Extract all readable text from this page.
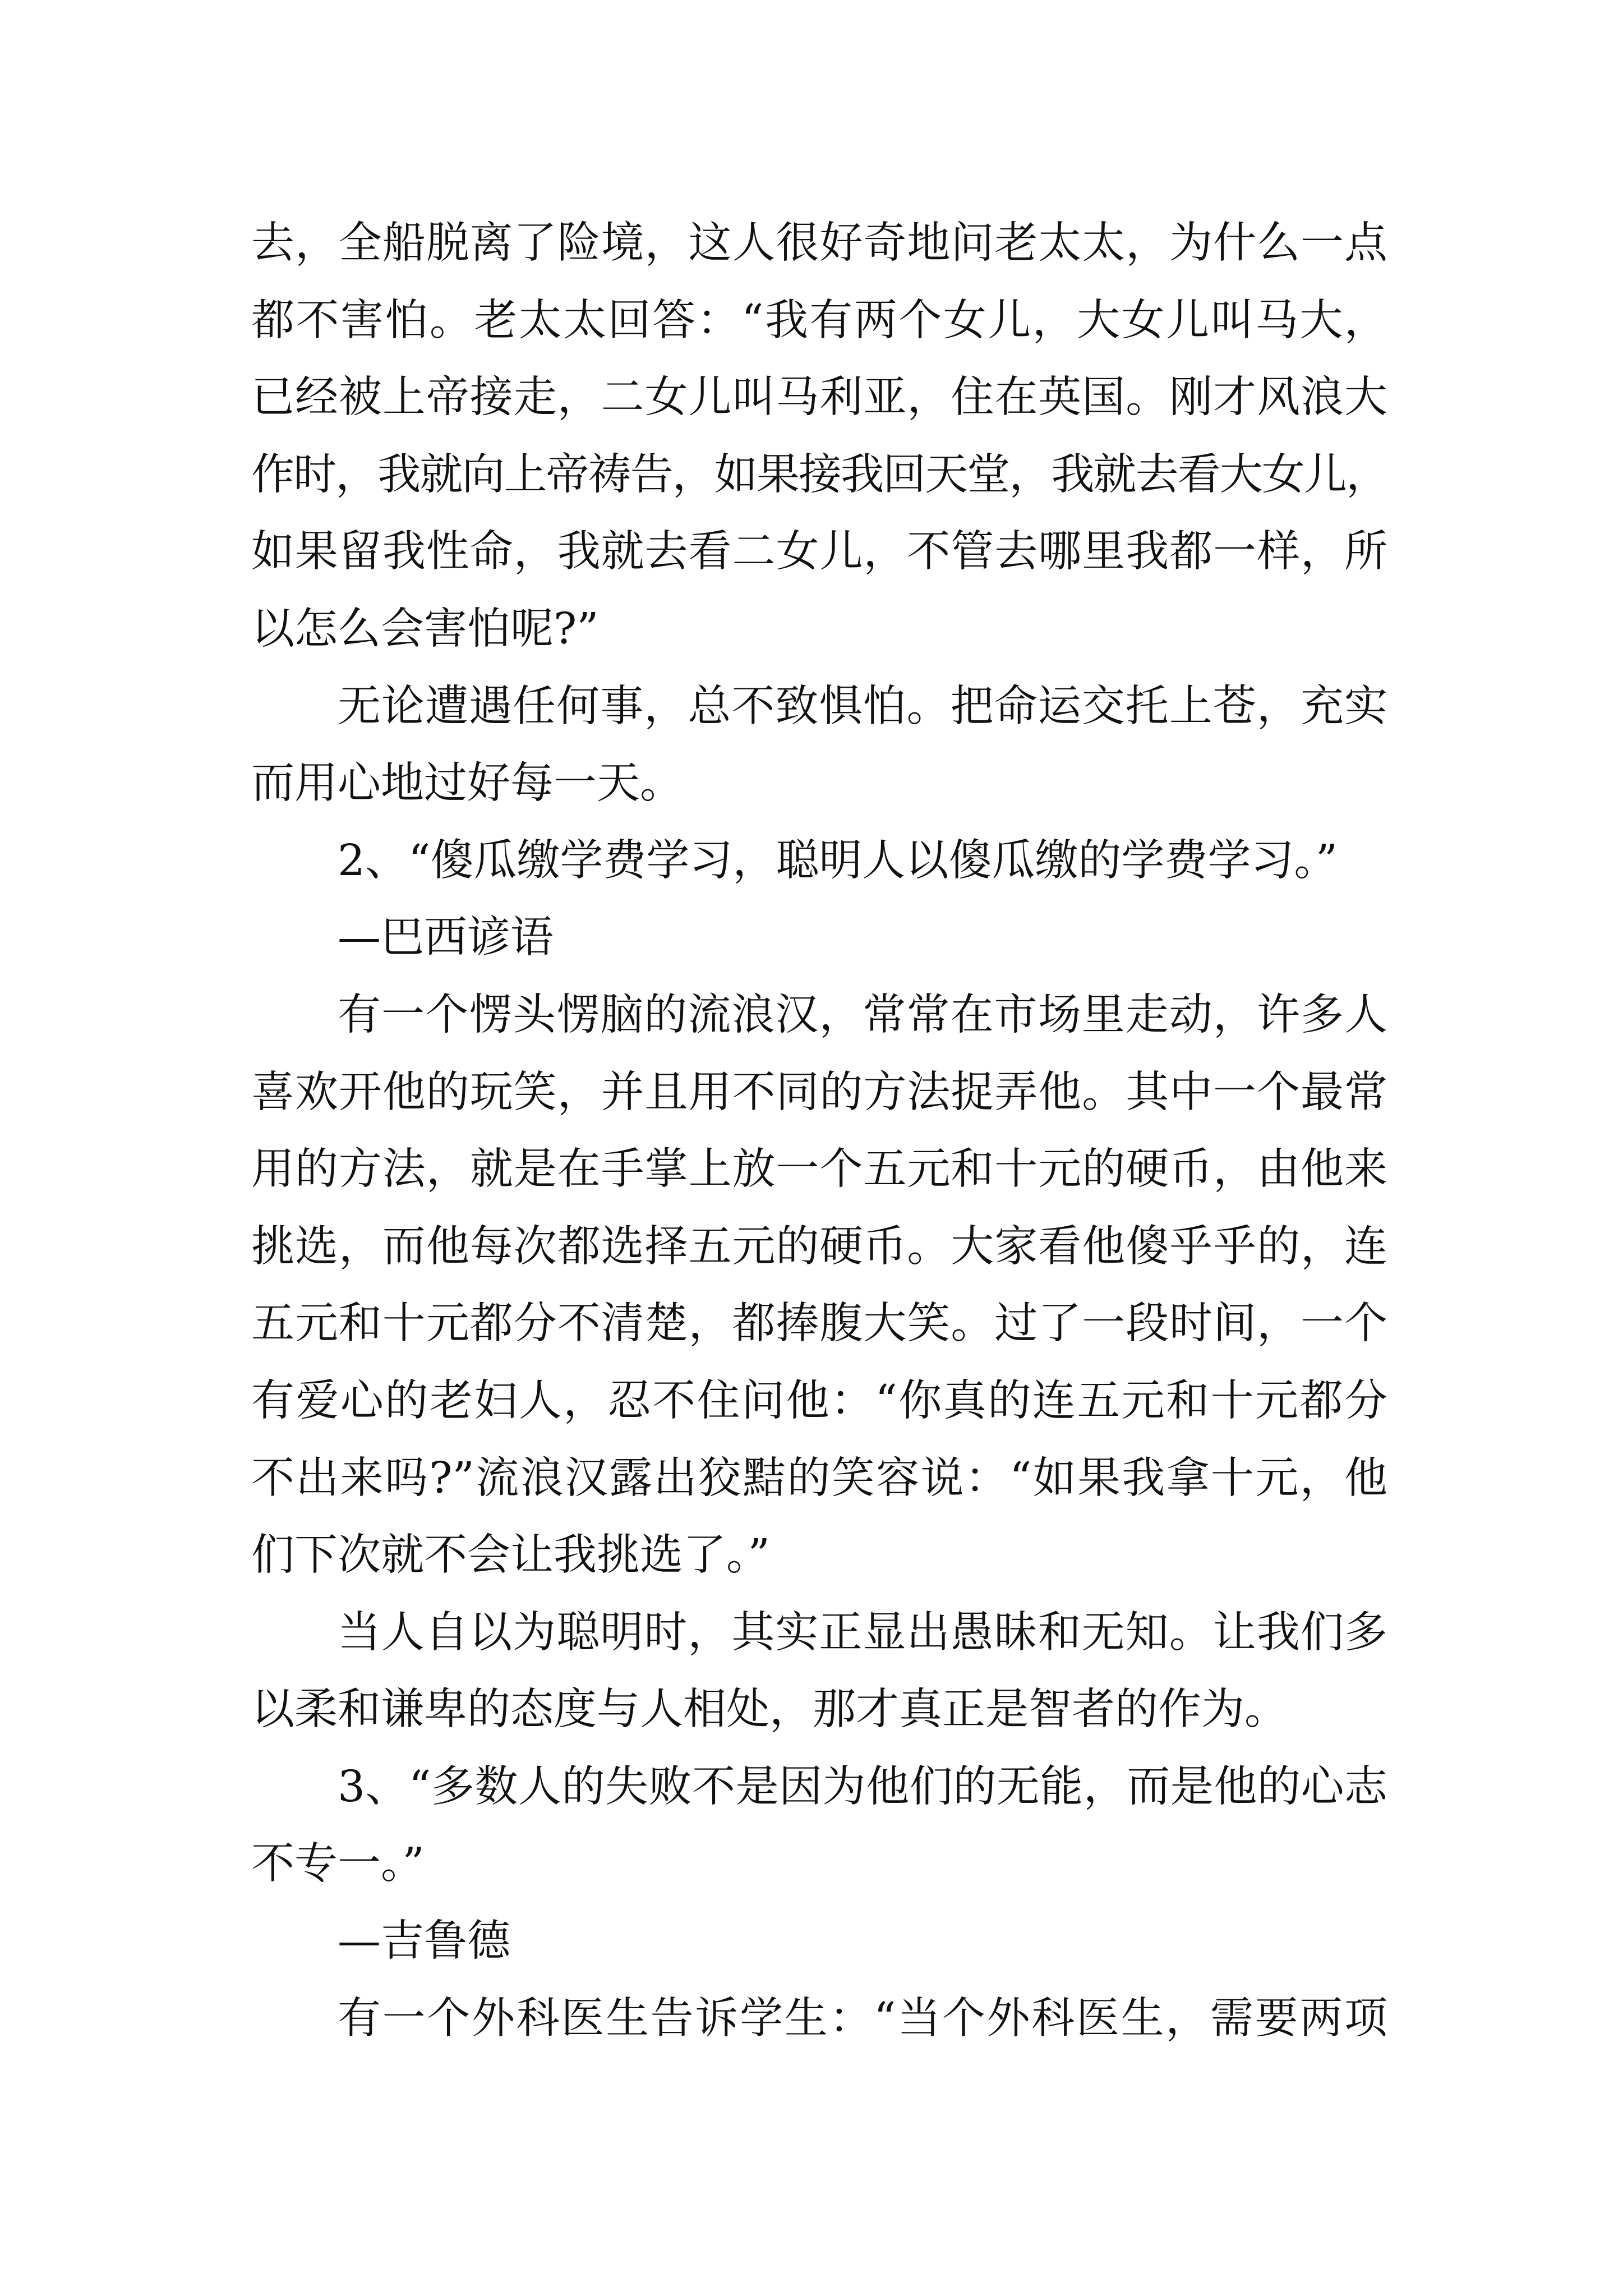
去，全船脱离了险境，这人很好奇地问老太太，为什么一点
都不害怕。老太太回答：“我有两个女儿，大女儿叫马大，
已经被上帝接走，二女儿叫马利亚，住在英国。刚才风浪大
作时，我就向上帝祷告，如果接我回天堂，我就去看大女儿，
如果留我性命，我就去看二女儿，不管去哪里我都一样，所
以怎么会害怕呢?”
无论遭遇任何事，总不致惧怕。把命运交托上苍，充实
而用心地过好每一天。
2、“傻瓜缴学费学习，聪明人以傻瓜缴的学费学习。”
—巴西谚语
有一个愣头愣脑的流浪汉，常常在市场里走动，许多人
喜欢开他的玩笑，并且用不同的方法捉弄他。其中一个最常
用的方法，就是在手掌上放一个五元和十元的硬币，由他来
挑选，而他每次都选择五元的硬币。大家看他傻乎乎的，连
五元和十元都分不清楚，都捧腹大笑。过了一段时间，一个
有爱心的老妇人，忍不住问他：“你真的连五元和十元都分
不出来吗?”流浪汉露出狡黠的笑容说：“如果我拿十元，他
们下次就不会让我挑选了。”
当人自以为聪明时，其实正显出愚昧和无知。让我们多
以柔和谦卑的态度与人相处，那才真正是智者的作为。
3、“多数人的失败不是因为他们的无能，而是他的心志
不专一。”
—吉鲁德
有一个外科医生告诉学生：“当个外科医生，需要两项
